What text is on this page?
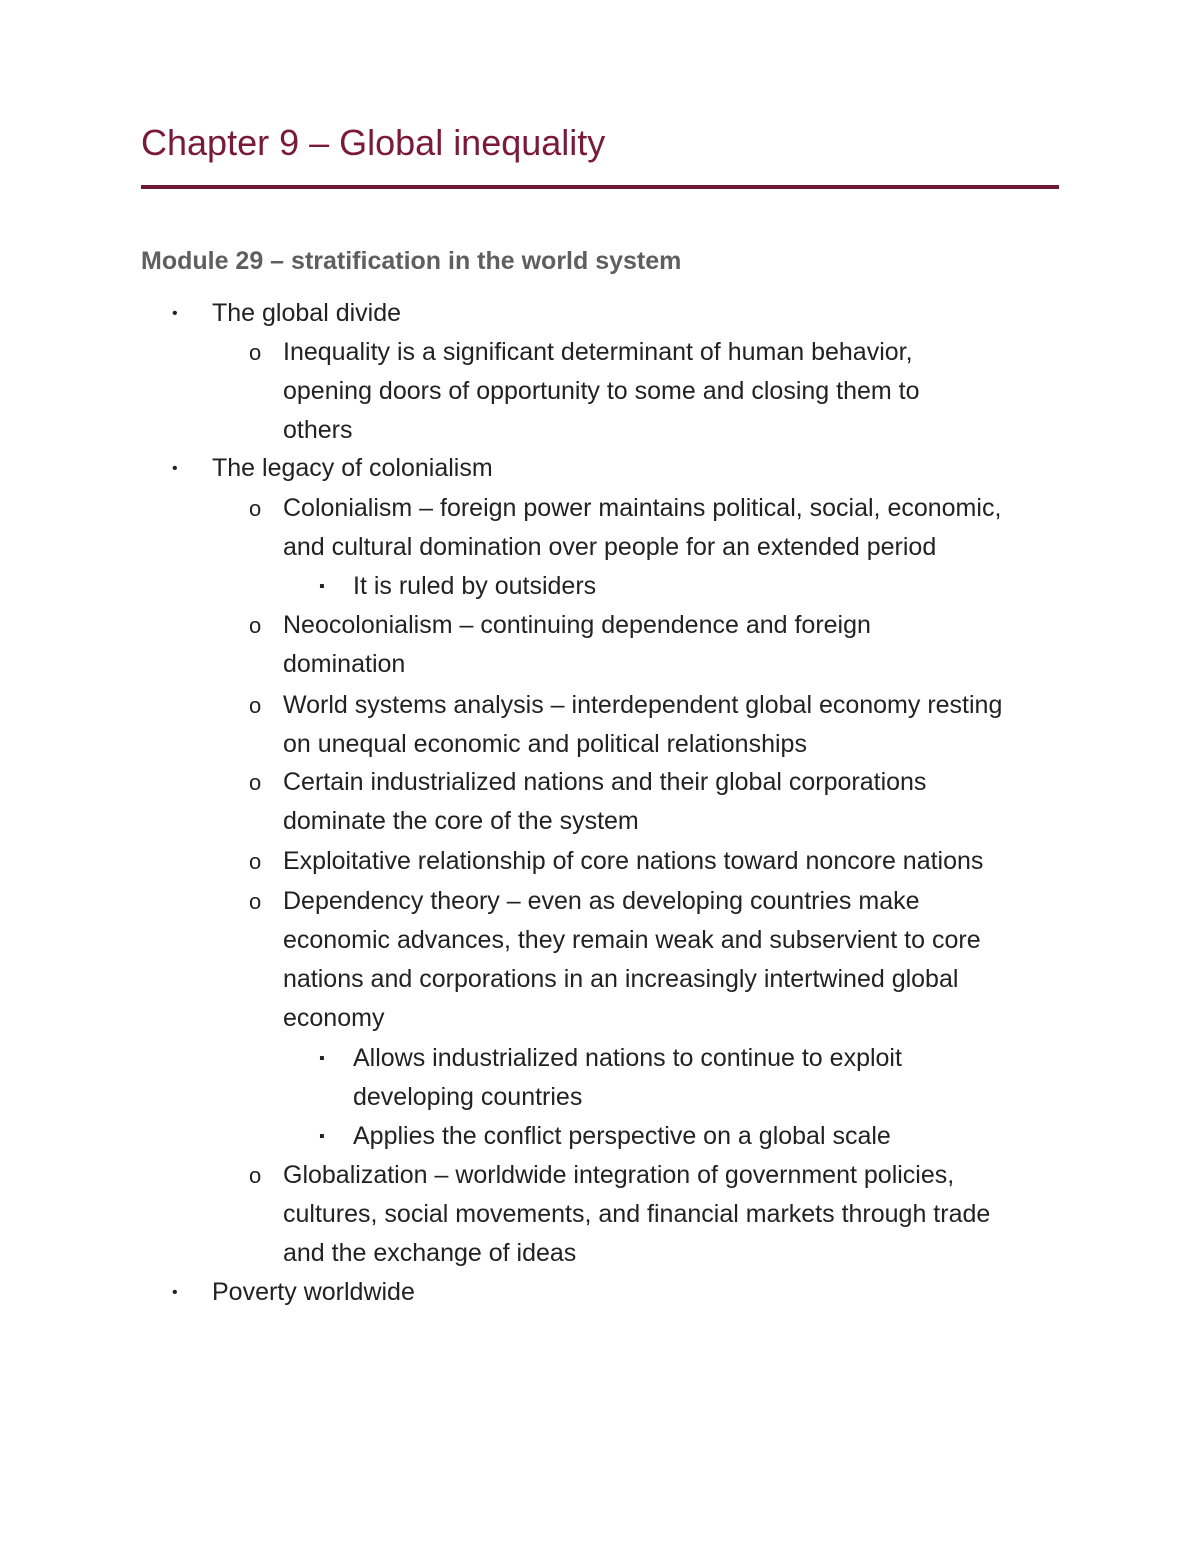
Chapter 9 – Global inequality
Module 29 – stratification in the world system
• The global divide
o Inequality is a significant determinant of human behavior,
opening doors of opportunity to some and closing them to
others
• The legacy of colonialism
o Colonialism – foreign power maintains political, social, economic,
and cultural domination over people for an extended period
▪ It is ruled by outsiders
o Neocolonialism – continuing dependence and foreign
domination
o World systems analysis – interdependent global economy resting
on unequal economic and political relationships
o Certain industrialized nations and their global corporations
dominate the core of the system
o Exploitative relationship of core nations toward noncore nations
o Dependency theory – even as developing countries make
economic advances, they remain weak and subservient to core
nations and corporations in an increasingly intertwined global
economy
▪ Allows industrialized nations to continue to exploit
developing countries
▪ Applies the conflict perspective on a global scale
o Globalization – worldwide integration of government policies,
cultures, social movements, and financial markets through trade
and the exchange of ideas
• Poverty worldwide
